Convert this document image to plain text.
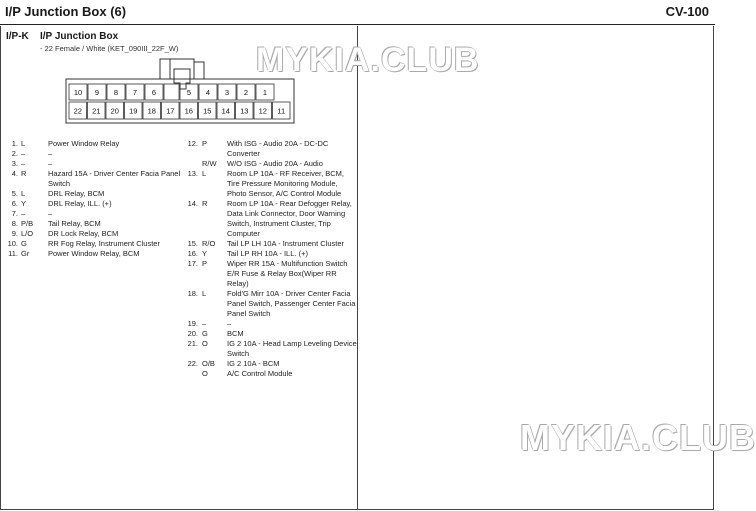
I/P Junction Box (6)	CV-100
I/P-K I/P Junction Box
- 22 Female / White (KET_090III_22F_W)
10 9 8 7 6	5 4 3 2 1
22 21 20 19 18 17 16 15 14 13 12 11
1. L	Power Window Relay
2. –	–
3. –	–
4. R	Hazard 15A - Driver Center Facia Panel Switch
5. L	DRL Relay, BCM
6. Y	DRL Relay, ILL. (+)
7. –	–
8. P/B Tail Relay, BCM
9. L/O DR Lock Relay, BCM
10. G	RR Fog Relay, Instrument Cluster
11. Gr Power Window Relay, BCM
12. P	With ISG - Audio 20A - DC-DC Converter
R/W W/O ISG - Audio 20A - Audio
13. L	Room LP 10A - RF Receiver, BCM, Tire Pressure Monitoring Module, Photo Sensor, A/C Control Module
14. R	Room LP 10A - Rear Defogger Relay, Data Link Connector, Door Warning Switch, Instrument Cluster, Trip Computer
15. R/O Tail LP LH 10A - Instrument Cluster
16. Y	Tail LP RH 10A - ILL. (+)
17. P	Wiper RR 15A - Multifunction Switch E/R Fuse & Relay Box(Wiper RR Relay)
18. L	Fold'G Mirr 10A - Driver Center Facia Panel Switch, Passenger Center Facia Panel Switch
19. –	–
20. G	BCM
21. O	IG 2 10A - Head Lamp Leveling Device Switch
22. O/B IG 2 10A - BCM
O	A/C Control Module
MYKIA.CLUB
MYKIA.CLUB
